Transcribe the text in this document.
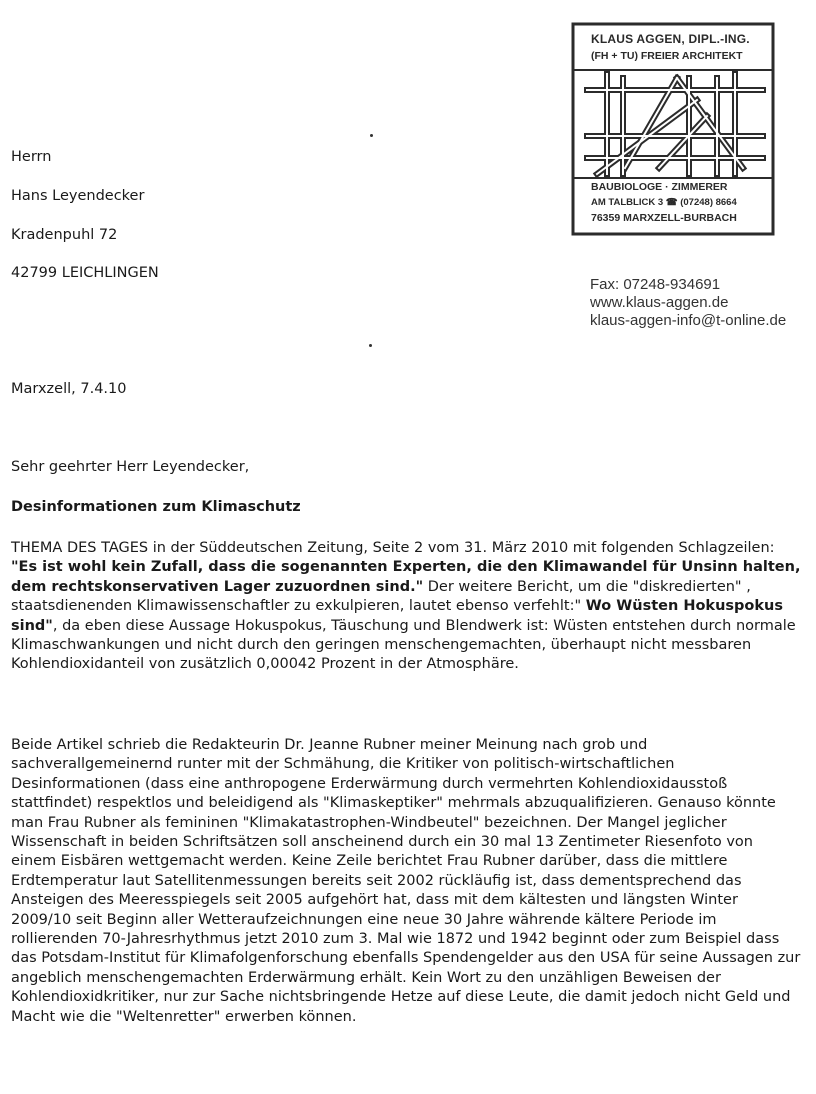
KLAUS AGGEN, DIPL.-ING.
(FH + TU) FREIER ARCHITEKT
BAUBIOLOGE · ZIMMERER
AM TALBLICK 3 ☎ (07248) 8664
76359 MARXZELL-BURBACH
Fax: 07248-934691
www.klaus-aggen.de
klaus-aggen-info@t-online.de
Herrn
Hans Leyendecker
Kradenpuhl 72
42799 LEICHLINGEN
Marxzell, 7.4.10
Sehr geehrter Herr Leyendecker,
Desinformationen zum Klimaschutz

THEMA DES TAGES in der Süddeutschen Zeitung, Seite 2 vom 31. März 2010 mit folgenden Schlagzeilen: "Es ist wohl kein Zufall, dass die sogenannten Experten, die den Klimawandel für Unsinn halten, dem rechtskonservativen Lager zuzuordnen sind." Der weitere Bericht, um die "diskredierten" , staatsdienenden Klimawissenschaftler zu exkulpieren, lautet ebenso verfehlt:" Wo Wüsten Hokuspokus sind", da eben diese Aussage Hokuspokus, Täuschung und Blendwerk ist: Wüsten entstehen durch normale Klimaschwankungen und nicht durch den geringen menschengemachten, überhaupt nicht messbaren Kohlendioxidanteil von zusätzlich 0,00042 Prozent in der Atmosphäre.

Beide Artikel schrieb die Redakteurin Dr. Jeanne Rubner meiner Meinung nach grob und sachverallgemeinernd runter mit der Schmähung, die Kritiker von politisch-wirtschaftlichen Desinformationen (dass eine anthropogene Erderwärmung durch vermehrten Kohlendioxidausstoß stattfindet) respektlos und beleidigend als "Klimaskeptiker" mehrmals abzuqualifizieren. Genauso könnte man Frau Rubner als femininen "Klimakatastrophen-Windbeutel" bezeichnen. Der Mangel jeglicher Wissenschaft in beiden Schriftsätzen soll anscheinend durch ein 30 mal 13 Zentimeter Riesenfoto von einem Eisbären wettgemacht werden. Keine Zeile berichtet Frau Rubner darüber, dass die mittlere Erdtemperatur laut Satellitenmessungen bereits seit 2002 rückläufig ist, dass dementsprechend das Ansteigen des Meeresspiegels seit 2005 aufgehört hat, dass mit dem kältesten und längsten Winter 2009/10 seit Beginn aller Wetteraufzeichnungen eine neue 30 Jahre währende kältere Periode im rollierenden 70-Jahresrhythmus jetzt 2010 zum 3. Mal wie 1872 und 1942 beginnt oder zum Beispiel dass das Potsdam-Institut für Klimafolgenforschung ebenfalls Spendengelder aus den USA für seine Aussagen zur angeblich menschengemachten Erderwärmung erhält. Kein Wort zu den unzähligen Beweisen der Kohlendioxidkritiker, nur zur Sache nichtsbringende Hetze auf diese Leute, die damit jedoch nicht Geld und Macht wie die "Weltenretter" erwerben können.
